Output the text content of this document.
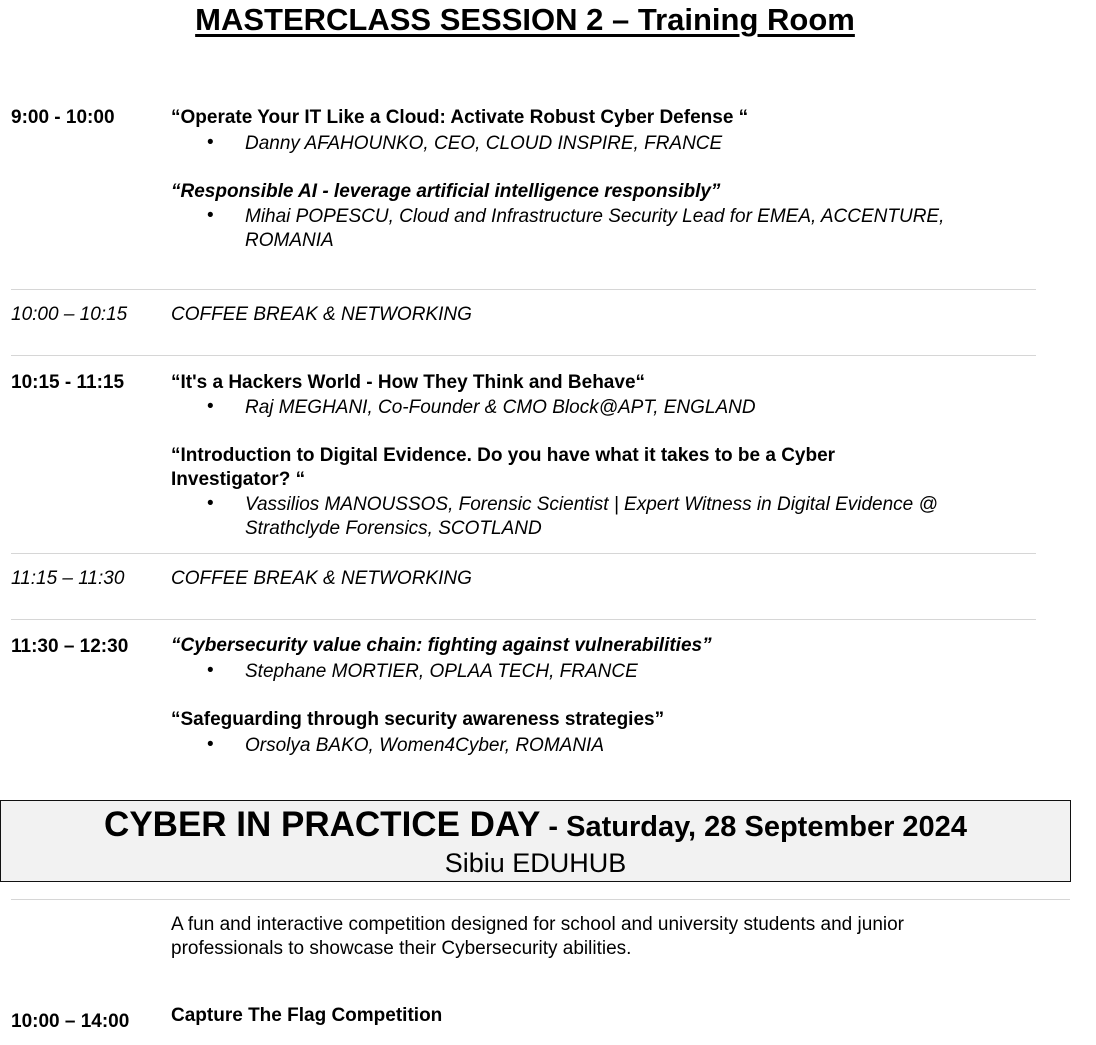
MASTERCLASS SESSION 2 – Training Room
9:00 - 10:00	“Operate Your IT Like a Cloud: Activate Robust Cyber Defense “
• Danny AFAHOUNKO, CEO, CLOUD INSPIRE, FRANCE
“Responsible AI - leverage artificial intelligence responsibly”
• Mihai POPESCU, Cloud and Infrastructure Security Lead for EMEA, ACCENTURE, ROMANIA
10:00 – 10:15 COFFEE BREAK & NETWORKING
10:15 - 11:15 “It's a Hackers World - How They Think and Behave“
• Raj MEGHANI, Co-Founder & CMO Block@APT, ENGLAND
“Introduction to Digital Evidence. Do you have what it takes to be a Cyber Investigator? “
• Vassilios MANOUSSOS, Forensic Scientist | Expert Witness in Digital Evidence @ Strathclyde Forensics, SCOTLAND
11:15 – 11:30 COFFEE BREAK & NETWORKING
11:30 – 12:30 “Cybersecurity value chain: fighting against vulnerabilities”
• Stephane MORTIER, OPLAA TECH, FRANCE
“Safeguarding through security awareness strategies”
• Orsolya BAKO, Women4Cyber, ROMANIA
CYBER IN PRACTICE DAY - Saturday, 28 September 2024
Sibiu EDUHUB
A fun and interactive competition designed for school and university students and junior professionals to showcase their Cybersecurity abilities.
10:00 – 14:00 Capture The Flag Competition
